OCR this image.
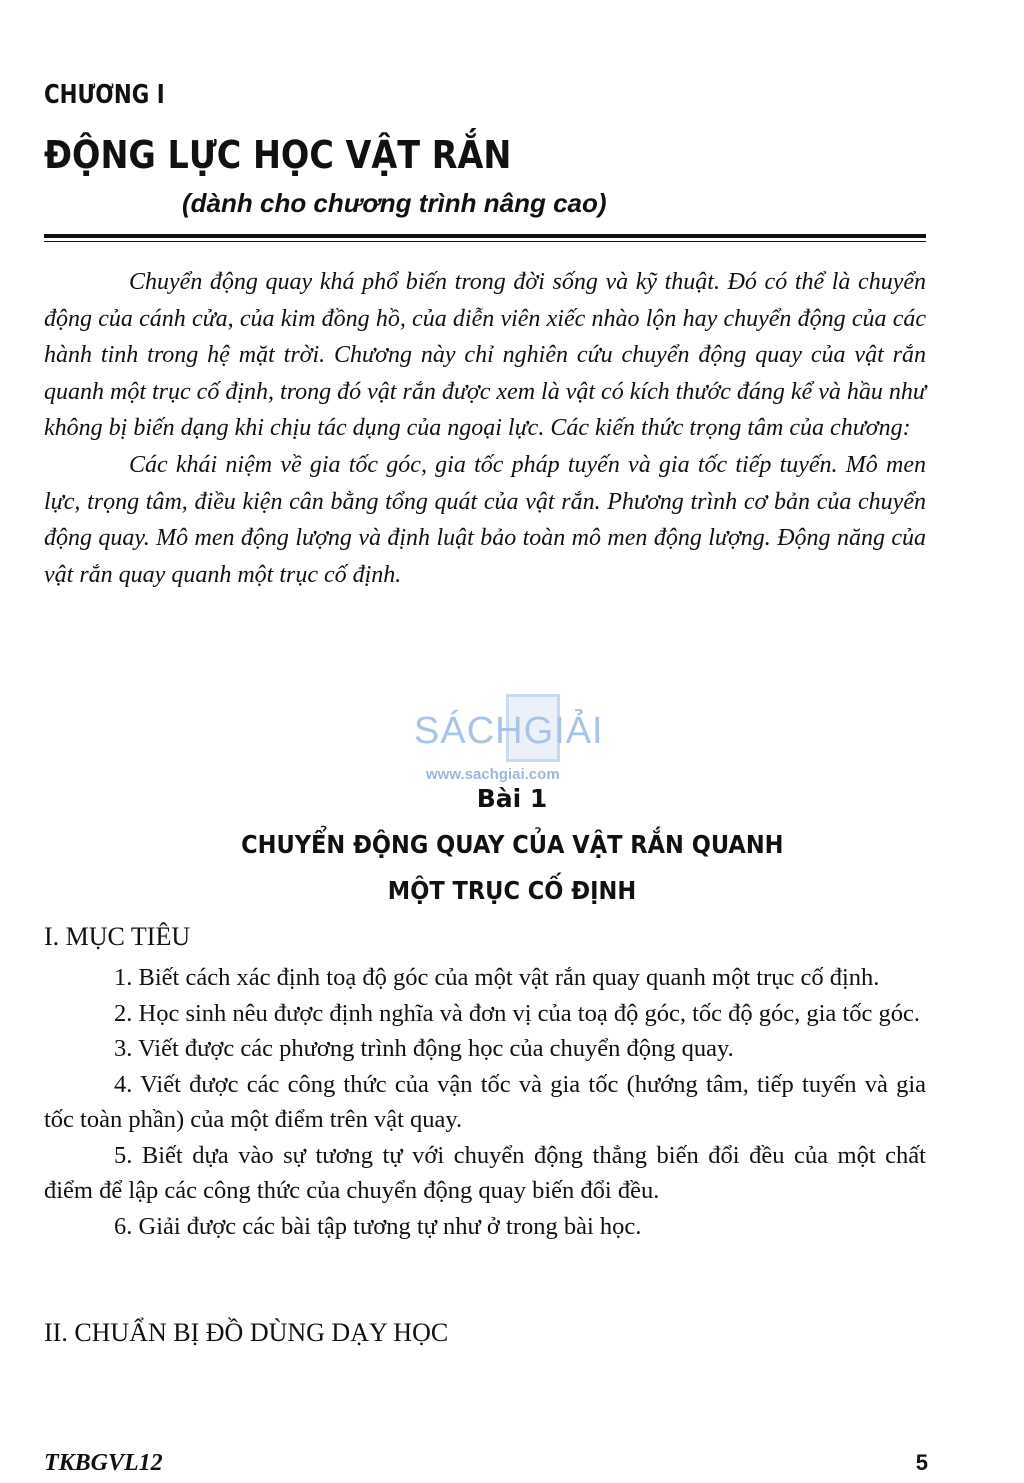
CHƯƠNG I
ĐỘNG LỰC HỌC VẬT RẮN
(dành cho chương trình nâng cao)

Chuyển động quay khá phổ biến trong đời sống và kỹ thuật. Đó có thể là chuyển động của cánh cửa, của kim đồng hồ, của diễn viên xiếc nhào lộn hay chuyển động của các hành tinh trong hệ mặt trời. Chương này chỉ nghiên cứu chuyển động quay của vật rắn quanh một trục cố định, trong đó vật rắn được xem là vật có kích thước đáng kể và hầu như không bị biến dạng khi chịu tác dụng của ngoại lực. Các kiến thức trọng tâm của chương:

Các khái niệm về gia tốc góc, gia tốc pháp tuyến và gia tốc tiếp tuyến. Mô men lực, trọng tâm, điều kiện cân bằng tổng quát của vật rắn. Phương trình cơ bản của chuyển động quay. Mô men động lượng và định luật bảo toàn mô men động lượng. Động năng của vật rắn quay quanh một trục cố định.

SÁCHGIẢI
www.sachgiai.com
Bài 1
CHUYỂN ĐỘNG QUAY CỦA VẬT RẮN QUANH
MỘT TRỤC CỐ ĐỊNH
I. MỤC TIÊU

1. Biết cách xác định toạ độ góc của một vật rắn quay quanh một trục cố định.

2. Học sinh nêu được định nghĩa và đơn vị của toạ độ góc, tốc độ góc, gia tốc góc.

3. Viết được các phương trình động học của chuyển động quay.

4. Viết được các công thức của vận tốc và gia tốc (hướng tâm, tiếp tuyến và gia tốc toàn phần) của một điểm trên vật quay.

5. Biết dựa vào sự tương tự với chuyển động thẳng biến đổi đều của một chất điểm để lập các công thức của chuyển động quay biến đổi đều.

6. Giải được các bài tập tương tự như ở trong bài học.

II. CHUẨN BỊ ĐỒ DÙNG DẠY HỌC
TKBGVL12	5
